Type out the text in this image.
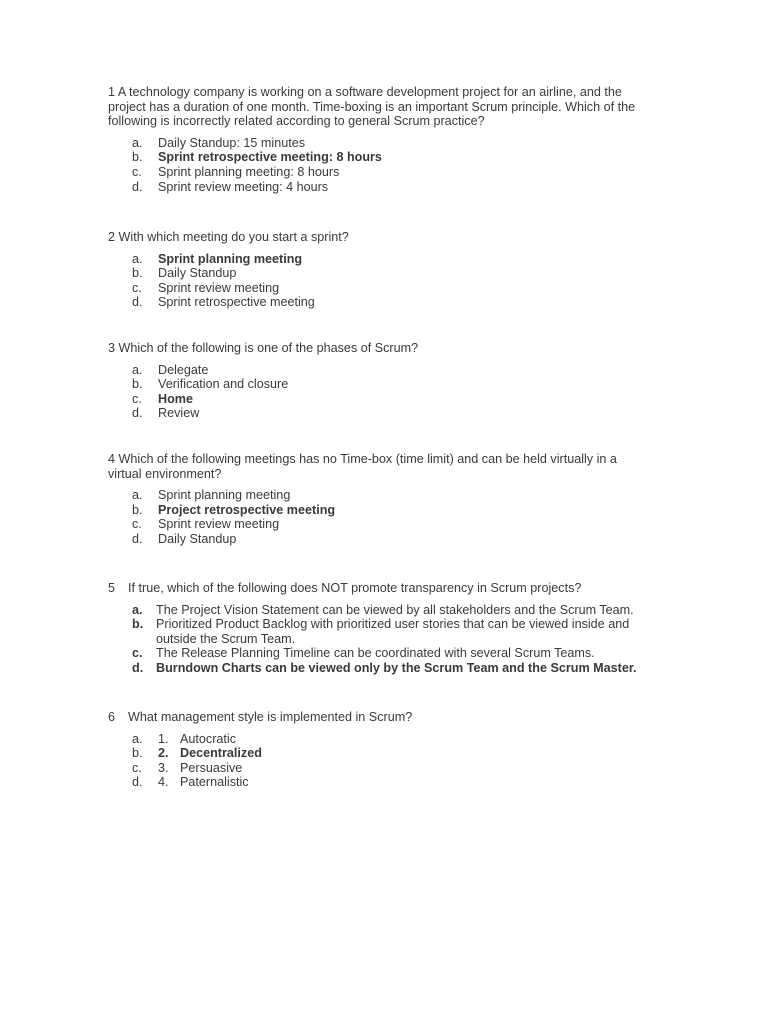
1 A technology company is working on a software development project for an airline, and the project has a duration of one month. Time-boxing is an important Scrum principle. Which of the following is incorrectly related according to general Scrum practice?

a. Daily Standup: 15 minutes
b. Sprint retrospective meeting: 8 hours
c. Sprint planning meeting: 8 hours
d. Sprint review meeting: 4 hours

2 With which meeting do you start a sprint?

a. Sprint planning meeting
b. Daily Standup
c. Sprint review meeting
d. Sprint retrospective meeting

3 Which of the following is one of the phases of Scrum?

a. Delegate
b. Verification and closure
c. Home
d. Review

4 Which of the following meetings has no Time-box (time limit) and can be held virtually in a virtual environment?

a. Sprint planning meeting
b. Project retrospective meeting
c. Sprint review meeting
d. Daily Standup

5 If true, which of the following does NOT promote transparency in Scrum projects?

a. The Project Vision Statement can be viewed by all stakeholders and the Scrum Team.
b. Prioritized Product Backlog with prioritized user stories that can be viewed inside and outside the Scrum Team.
c. The Release Planning Timeline can be coordinated with several Scrum Teams.
d. Burndown Charts can be viewed only by the Scrum Team and the Scrum Master.

6 What management style is implemented in Scrum?

a. 1. Autocratic
b. 2. Decentralized
c. 3. Persuasive
d. 4. Paternalistic
